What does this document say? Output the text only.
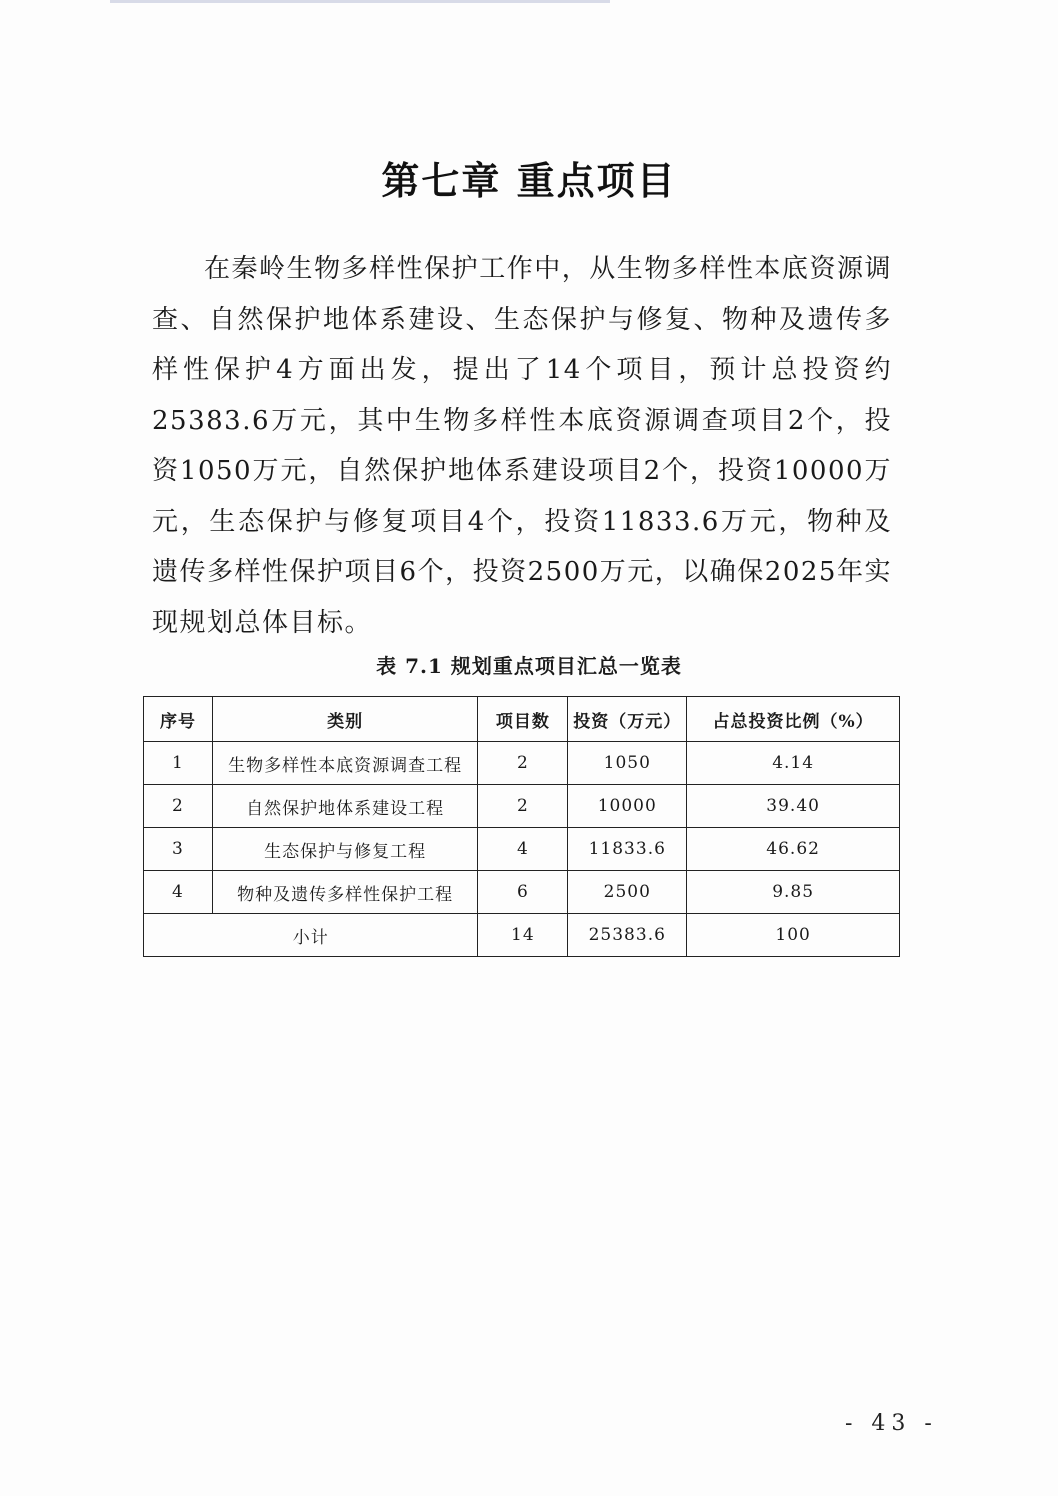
第七章 重点项目

在秦岭生物多样性保护工作中，从生物多样性本底资源调查、自然保护地体系建设、生态保护与修复、物种及遗传多样性保护4方面出发，提出了14个项目，预计总投资约25383.6万元，其中生物多样性本底资源调查项目2个，投资1050万元，自然保护地体系建设项目2个，投资10000万元，生态保护与修复项目4个，投资11833.6万元，物种及遗传多样性保护项目6个，投资2500万元，以确保2025年实现规划总体目标。

表 7.1 规划重点项目汇总一览表
序号	类别	项目数	投资（万元）	占总投资比例（%）
1	生物多样性本底资源调查工程	2	1050	4.14
2	自然保护地体系建设工程	2	10000	39.40
3	生态保护与修复工程	4	11833.6	46.62
4	物种及遗传多样性保护工程	6	2500	9.85
小计		14	25383.6	100
- 43 -
